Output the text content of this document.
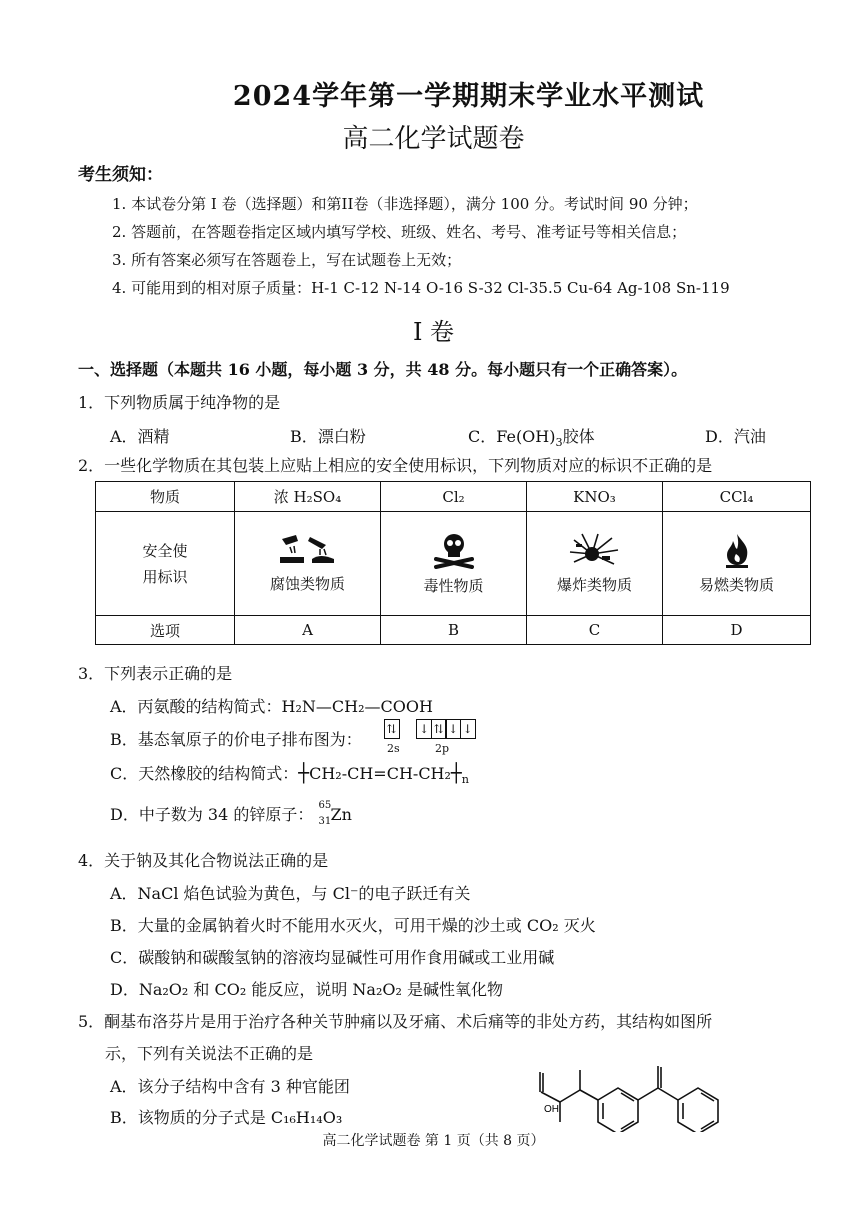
2024学年第一学期期末学业水平测试
高二化学试题卷
考生须知：
1. 本试卷分第 I 卷（选择题）和第II卷（非选择题），满分 100 分。考试时间 90 分钟；
2. 答题前，在答题卷指定区域内填写学校、班级、姓名、考号、准考证号等相关信息；
3. 所有答案必须写在答题卷上，写在试题卷上无效；
4. 可能用到的相对原子质量：H-1 C-12 N-14 O-16 S-32 Cl-35.5 Cu-64 Ag-108 Sn-119
I 卷
一、选择题（本题共 16 小题，每小题 3 分，共 48 分。每小题只有一个正确答案）。
1．下列物质属于纯净物的是
A．酒精	B．漂白粉	C．$Fe(OH)_3$胶体	D．汽油
2．一些化学物质在其包装上应贴上相应的安全使用标识，下列物质对应的标识不正确的是
物质	浓 H₂SO₄	Cl₂	KNO₃	CCl₄
安全使
用标识	腐蚀类物质	毒性物质	爆炸类物质	易燃类物质
选项	A	B	C	D
3．下列表示正确的是
A．丙氨酸的结构简式：H₂N—CH₂—COOH
B．基态氧原子的价电子排布图为：
⇅ ↓ ⇅ ↓ ↓
2s	2p
C．天然橡胶的结构简式：$┼CH_2-CH=CH-CH_2┼_n$
D．中子数为 34 的锌原子： 65
31 Zn
4．关于钠及其化合物说法正确的是
A．NaCl 焰色试验为黄色，与 Cl⁻的电子跃迁有关
B．大量的金属钠着火时不能用水灭火，可用干燥的沙土或 CO₂ 灭火
C．碳酸钠和碳酸氢钠的溶液均显碱性可用作食用碱或工业用碱
D．Na₂O₂ 和 CO₂ 能反应，说明 Na₂O₂ 是碱性氧化物
5．酮基布洛芬片是用于治疗各种关节肿痛以及牙痛、术后痛等的非处方药，其结构如图所
示，下列有关说法不正确的是
A．该分子结构中含有 3 种官能团
B．该物质的分子式是 C₁₆H₁₄O₃	OH
高二化学试题卷 第 1 页（共 8 页）
